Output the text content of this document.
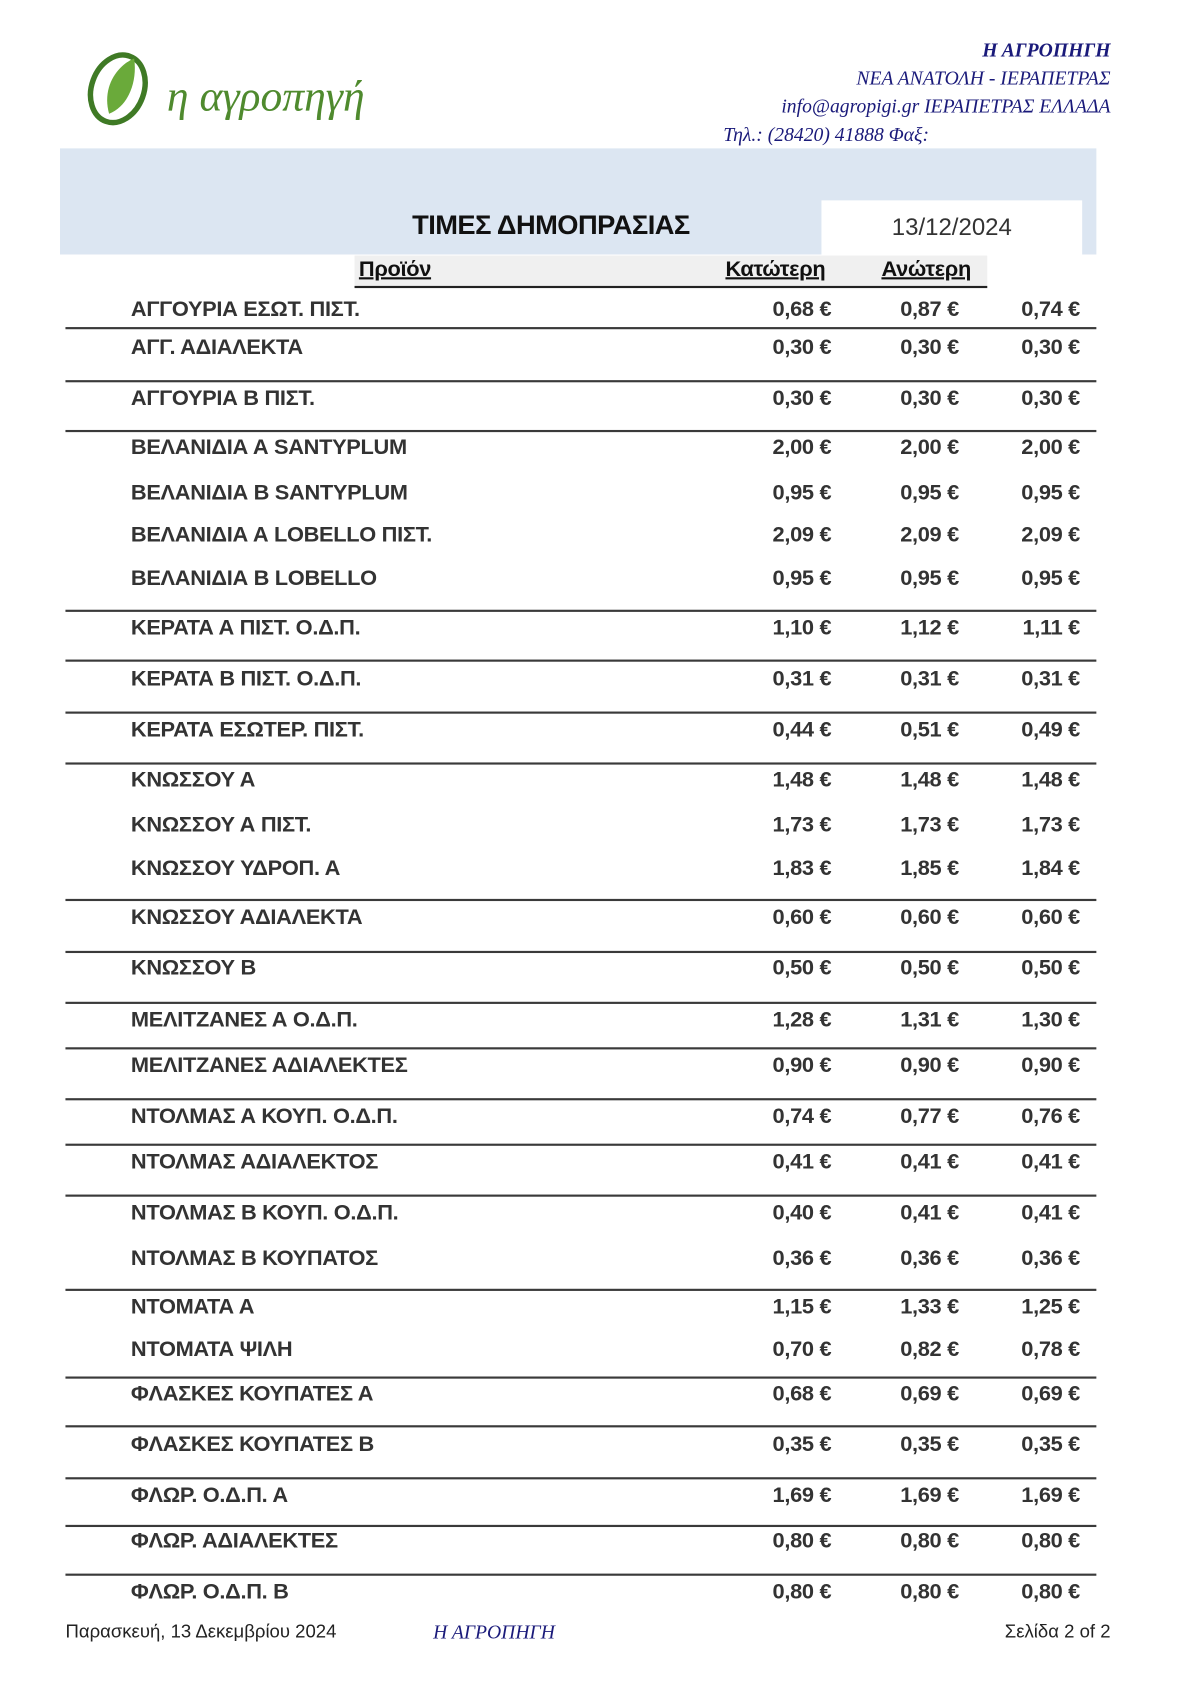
η αγροπηγή
Η ΑΓΡΟΠΗΓΗ
ΝΕΑ ΑΝΑΤΟΛΗ - ΙΕΡΑΠΕΤΡΑΣ
info@agropigi.gr ΙΕΡΑΠΕΤΡΑΣ ΕΛΛΑΔΑ
Τηλ.: (28420) 41888 Φαξ:
ΤΙΜΕΣ ΔΗΜΟΠΡΑΣΙΑΣ	13/12/2024
Προϊόν	Κατώτερη	Ανώτερη
ΑΓΓΟΥΡΙΑ ΕΣΩΤ. ΠΙΣΤ.	0,68 €	0,87 €	0,74 €
ΑΓΓ. ΑΔΙΑΛΕΚΤΑ	0,30 €	0,30 €	0,30 €
ΑΓΓΟΥΡΙΑ Β ΠΙΣΤ.	0,30 €	0,30 €	0,30 €
ΒΕΛΑΝΙΔΙΑ Α SANTYPLUM	2,00 €	2,00 €	2,00 €
ΒΕΛΑΝΙΔΙΑ Β SANTYPLUM	0,95 €	0,95 €	0,95 €
ΒΕΛΑΝΙΔΙΑ Α LOBELLO ΠΙΣΤ.	2,09 €	2,09 €	2,09 €
ΒΕΛΑΝΙΔΙΑ Β LOBELLO	0,95 €	0,95 €	0,95 €
ΚΕΡΑΤΑ Α ΠΙΣΤ. Ο.Δ.Π.	1,10 €	1,12 €	1,11 €
ΚΕΡΑΤΑ Β ΠΙΣΤ. Ο.Δ.Π.	0,31 €	0,31 €	0,31 €
ΚΕΡΑΤΑ ΕΣΩΤΕΡ. ΠΙΣΤ.	0,44 €	0,51 €	0,49 €
ΚΝΩΣΣΟΥ Α	1,48 €	1,48 €	1,48 €
ΚΝΩΣΣΟΥ Α ΠΙΣΤ.	1,73 €	1,73 €	1,73 €
ΚΝΩΣΣΟΥ ΥΔΡΟΠ. Α	1,83 €	1,85 €	1,84 €
ΚΝΩΣΣΟΥ ΑΔΙΑΛΕΚΤΑ	0,60 €	0,60 €	0,60 €
ΚΝΩΣΣΟΥ Β	0,50 €	0,50 €	0,50 €
ΜΕΛΙΤΖΑΝΕΣ Α Ο.Δ.Π.	1,28 €	1,31 €	1,30 €
ΜΕΛΙΤΖΑΝΕΣ ΑΔΙΑΛΕΚΤΕΣ	0,90 €	0,90 €	0,90 €
ΝΤΟΛΜΑΣ Α ΚΟΥΠ. Ο.Δ.Π.	0,74 €	0,77 €	0,76 €
ΝΤΟΛΜΑΣ ΑΔΙΑΛΕΚΤΟΣ	0,41 €	0,41 €	0,41 €
ΝΤΟΛΜΑΣ Β ΚΟΥΠ. Ο.Δ.Π.	0,40 €	0,41 €	0,41 €
ΝΤΟΛΜΑΣ Β ΚΟΥΠΑΤΟΣ	0,36 €	0,36 €	0,36 €
ΝΤΟΜΑΤΑ Α	1,15 €	1,33 €	1,25 €
ΝΤΟΜΑΤΑ ΨΙΛΗ	0,70 €	0,82 €	0,78 €
ΦΛΑΣΚΕΣ ΚΟΥΠΑΤΕΣ Α	0,68 €	0,69 €	0,69 €
ΦΛΑΣΚΕΣ ΚΟΥΠΑΤΕΣ Β	0,35 €	0,35 €	0,35 €
ΦΛΩΡ. Ο.Δ.Π. Α	1,69 €	1,69 €	1,69 €
ΦΛΩΡ. ΑΔΙΑΛΕΚΤΕΣ	0,80 €	0,80 €	0,80 €
ΦΛΩΡ. Ο.Δ.Π. Β	0,80 €	0,80 €	0,80 €
Παρασκευή, 13 Δεκεμβρίου 2024	Η ΑΓΡΟΠΗΓΗ	Σελίδα 2 of 2
